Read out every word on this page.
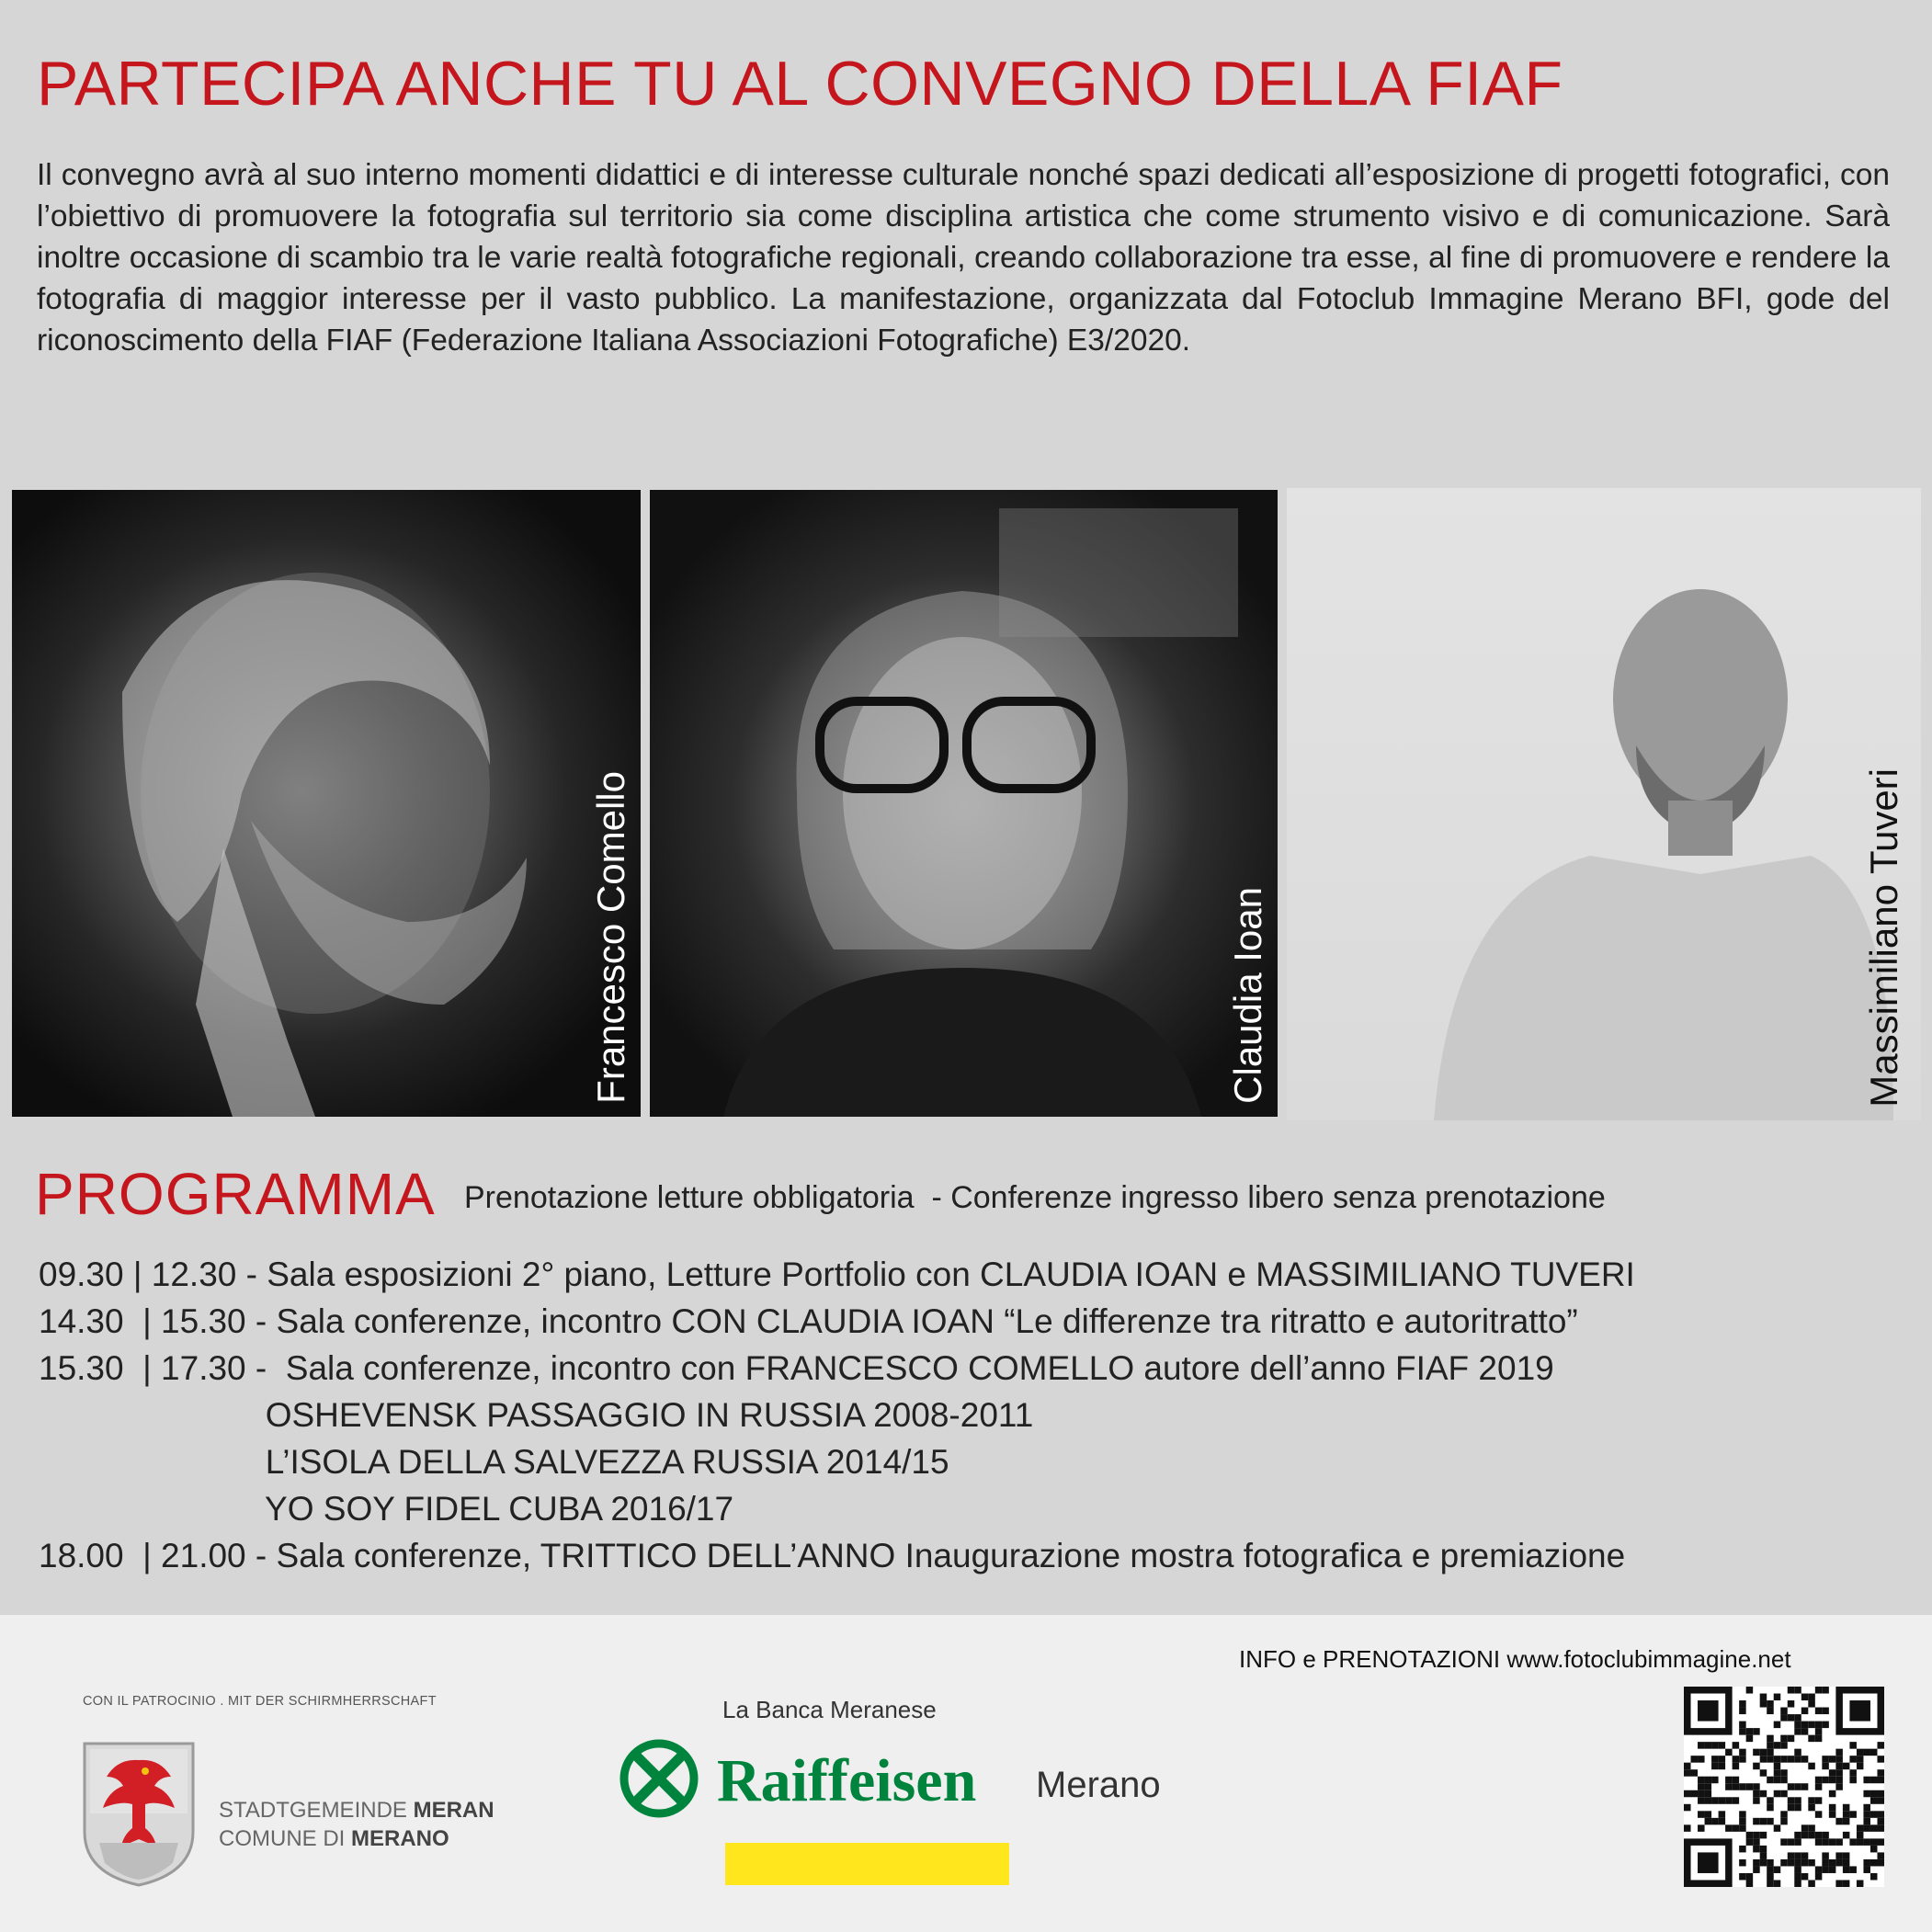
PARTECIPA ANCHE TU AL CONVEGNO DELLA FIAF
Il convegno avrà al suo interno momenti didattici e di interesse culturale nonché spazi dedicati all’esposizione di progetti fotografici, con l’obiettivo di promuovere la fotografia sul territorio sia come disciplina artistica che come strumento visivo e di comunicazione. Sarà inoltre occasione di scambio tra le varie realtà fotografiche regionali, creando collaborazione tra esse, al fine di promuovere e rendere la fotografia di maggior interesse per il vasto pubblico. La manifestazione, organizzata dal Fotoclub Immagine Merano BFI, gode del riconoscimento della FIAF (Federazione Italiana Associazioni Fotografiche) E3/2020.
Francesco Comello	Claudia Ioan	Massimiliano Tuveri
PROGRAMMA Prenotazione letture obbligatoria  - Conferenze ingresso libero senza prenotazione
09.30 | 12.30 - Sala esposizioni 2° piano, Letture Portfolio con CLAUDIA IOAN e MASSIMILIANO TUVERI
14.30  | 15.30 - Sala conferenze, incontro CON CLAUDIA IOAN “Le differenze tra ritratto e autoritratto”
15.30  | 17.30 -  Sala conferenze, incontro con FRANCESCO COMELLO autore dell’anno FIAF 2019
OSHEVENSK PASSAGGIO IN RUSSIA 2008-2011
L’ISOLA DELLA SALVEZZA RUSSIA 2014/15
YO SOY FIDEL CUBA 2016/17
18.00  | 21.00 - Sala conferenze, TRITTICO DELL’ANNO Inaugurazione mostra fotografica e premiazione
CON IL PATROCINIO . MIT DER SCHIRMHERRSCHAFT
STADTGEMEINDE MERAN
COMUNE DI MERANO
La Banca Meranese
Raiffeisen Merano
INFO e PRENOTAZIONI www.fotoclubimmagine.net
